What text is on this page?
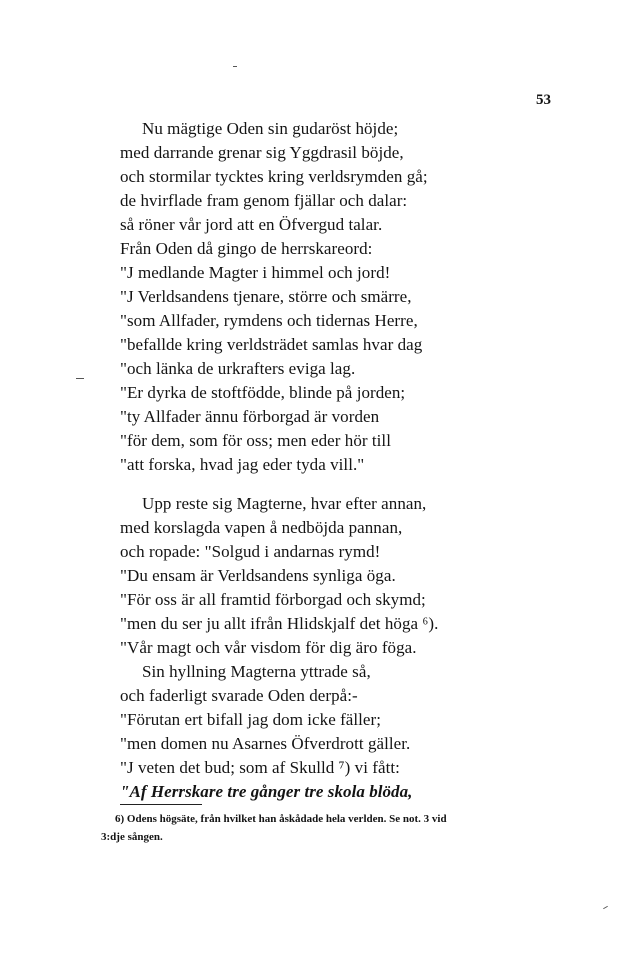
53
Nu mägtige Oden sin gudaröst höjde;
med darrande grenar sig Yggdrasil böjde,
och stormilar tycktes kring verldsrymden gå;
de hvirflade fram genom fjällar och dalar:
så röner vår jord att en Öfvergud talar.
Från Oden då gingo de herrskareord:
"J medlande Magter i himmel och jord!
"J Verldsandens tjenare, större och smärre,
"som Allfader, rymdens och tidernas Herre,
"befallde kring verldsträdet samlas hvar dag
"och länka de urkrafters eviga lag.
"Er dyrka de stoftfödde, blinde på jorden;
"ty Allfader ännu förborgad är vorden
"för dem, som för oss; men eder hör till
"att forska, hvad jag eder tyda vill."
Upp reste sig Magterne, hvar efter annan,
med korslagda vapen å nedböjda pannan,
och ropade: "Solgud i andarnas rymd!
"Du ensam är Verldsandens synliga öga.
"För oss är all framtid förborgad och skymd;
"men du ser ju allt ifrån Hlidskjalf det höga ⁶).
"Vår magt och vår visdom för dig äro föga.
Sin hyllning Magterna yttrade så,
och faderligt svarade Oden derpå:-
"Förutan ert bifall jag dom icke fäller;
"men domen nu Asarnes Öfverdrott gäller.
"J veten det bud; som af Skulld ⁷) vi fått:
"Af Herrskare tre gånger tre skola blöda,
6) Odens högsäte, från hvilket han åskådade hela verlden. Se not. 3 vid
3:dje sången.
